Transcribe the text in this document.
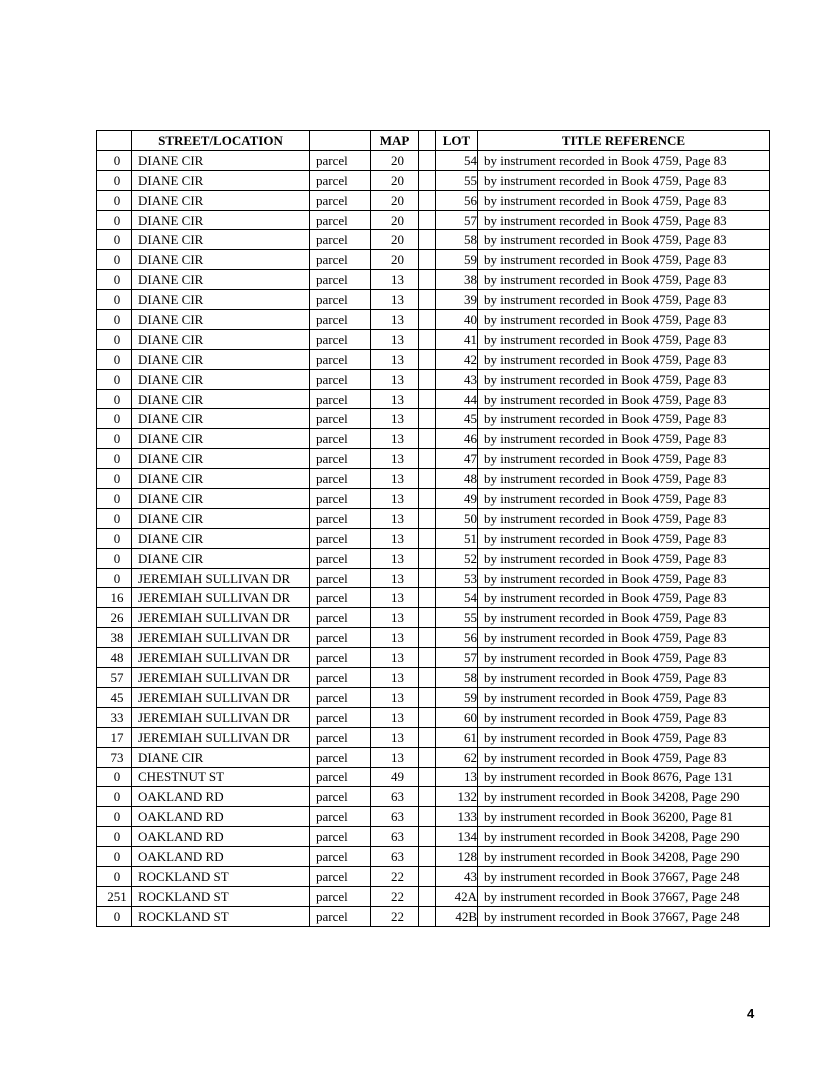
	STREET/LOCATION		MAP		LOT	TITLE REFERENCE
0	DIANE CIR	parcel	20		54	by instrument recorded in Book 4759, Page 83
0	DIANE CIR	parcel	20		55	by instrument recorded in Book 4759, Page 83
0	DIANE CIR	parcel	20		56	by instrument recorded in Book 4759, Page 83
0	DIANE CIR	parcel	20		57	by instrument recorded in Book 4759, Page 83
0	DIANE CIR	parcel	20		58	by instrument recorded in Book 4759, Page 83
0	DIANE CIR	parcel	20		59	by instrument recorded in Book 4759, Page 83
0	DIANE CIR	parcel	13		38	by instrument recorded in Book 4759, Page 83
0	DIANE CIR	parcel	13		39	by instrument recorded in Book 4759, Page 83
0	DIANE CIR	parcel	13		40	by instrument recorded in Book 4759, Page 83
0	DIANE CIR	parcel	13		41	by instrument recorded in Book 4759, Page 83
0	DIANE CIR	parcel	13		42	by instrument recorded in Book 4759, Page 83
0	DIANE CIR	parcel	13		43	by instrument recorded in Book 4759, Page 83
0	DIANE CIR	parcel	13		44	by instrument recorded in Book 4759, Page 83
0	DIANE CIR	parcel	13		45	by instrument recorded in Book 4759, Page 83
0	DIANE CIR	parcel	13		46	by instrument recorded in Book 4759, Page 83
0	DIANE CIR	parcel	13		47	by instrument recorded in Book 4759, Page 83
0	DIANE CIR	parcel	13		48	by instrument recorded in Book 4759, Page 83
0	DIANE CIR	parcel	13		49	by instrument recorded in Book 4759, Page 83
0	DIANE CIR	parcel	13		50	by instrument recorded in Book 4759, Page 83
0	DIANE CIR	parcel	13		51	by instrument recorded in Book 4759, Page 83
0	DIANE CIR	parcel	13		52	by instrument recorded in Book 4759, Page 83
0	JEREMIAH SULLIVAN DR	parcel	13		53	by instrument recorded in Book 4759, Page 83
16	JEREMIAH SULLIVAN DR	parcel	13		54	by instrument recorded in Book 4759, Page 83
26	JEREMIAH SULLIVAN DR	parcel	13		55	by instrument recorded in Book 4759, Page 83
38	JEREMIAH SULLIVAN DR	parcel	13		56	by instrument recorded in Book 4759, Page 83
48	JEREMIAH SULLIVAN DR	parcel	13		57	by instrument recorded in Book 4759, Page 83
57	JEREMIAH SULLIVAN DR	parcel	13		58	by instrument recorded in Book 4759, Page 83
45	JEREMIAH SULLIVAN DR	parcel	13		59	by instrument recorded in Book 4759, Page 83
33	JEREMIAH SULLIVAN DR	parcel	13		60	by instrument recorded in Book 4759, Page 83
17	JEREMIAH SULLIVAN DR	parcel	13		61	by instrument recorded in Book 4759, Page 83
73	DIANE CIR	parcel	13		62	by instrument recorded in Book 4759, Page 83
0	CHESTNUT ST	parcel	49		13	by instrument recorded in Book 8676, Page 131
0	OAKLAND RD	parcel	63		132	by instrument recorded in Book 34208, Page 290
0	OAKLAND RD	parcel	63		133	by instrument recorded in Book 36200, Page 81
0	OAKLAND RD	parcel	63		134	by instrument recorded in Book 34208, Page 290
0	OAKLAND RD	parcel	63		128	by instrument recorded in Book 34208, Page 290
0	ROCKLAND ST	parcel	22		43	by instrument recorded in Book 37667, Page 248
251	ROCKLAND ST	parcel	22		42A	by instrument recorded in Book 37667, Page 248
0	ROCKLAND ST	parcel	22		42B	by instrument recorded in Book 37667, Page 248
4
